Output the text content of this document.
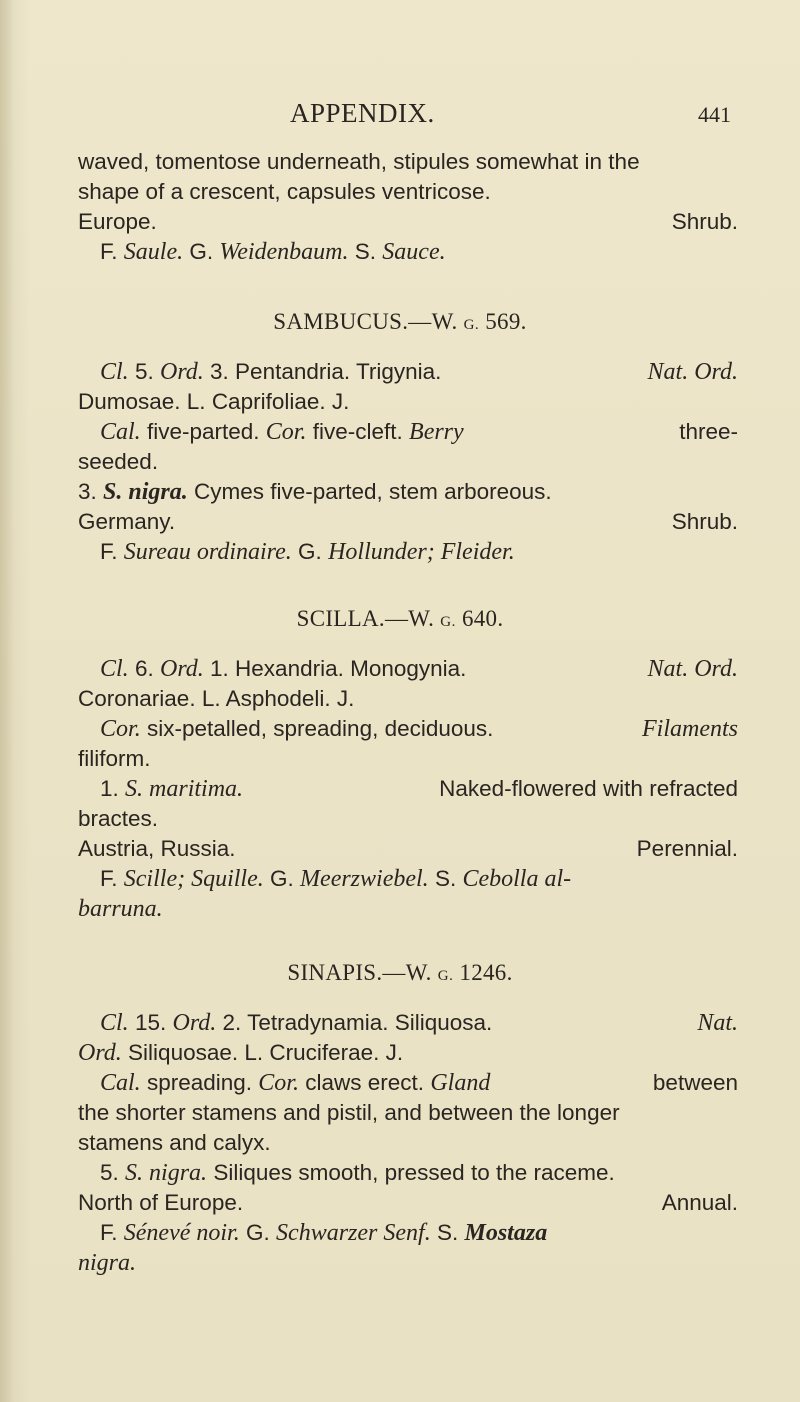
APPENDIX.	441
waved, tomentose underneath, stipules somewhat in the
shape of a crescent, capsules ventricose.
Europe.	Shrub.
F. Saule. G. Weidenbaum. S. Sauce.
SAMBUCUS.—W. G. 569.
Cl. 5. Ord. 3. Pentandria. Trigynia.	Nat. Ord.
Dumosae. L. Caprifoliae. J.
Cal. five-parted. Cor. five-cleft. Berry	three-
seeded.
3. S. nigra. Cymes five-parted, stem arboreous.
Germany.	Shrub.
F. Sureau ordinaire. G. Hollunder; Fleider.
SCILLA.—W. G. 640.
Cl. 6. Ord. 1. Hexandria. Monogynia.	Nat. Ord.
Coronariae. L. Asphodeli. J.
Cor. six-petalled, spreading, deciduous.	Filaments
filiform.
1. S. maritima.	Naked-flowered with refracted
bractes.
Austria, Russia.	Perennial.
F. Scille; Squille. G. Meerzwiebel. S. Cebolla al-
barruna.
SINAPIS.—W. G. 1246.
Cl. 15. Ord. 2. Tetradynamia. Siliquosa.	Nat.
Ord. Siliquosae. L. Cruciferae. J.
Cal. spreading. Cor. claws erect. Gland	between
the shorter stamens and pistil, and between the longer
stamens and calyx.
5. S. nigra. Siliques smooth, pressed to the raceme.
North of Europe.	Annual.
F. Sénevé noir. G. Schwarzer Senf. S. Mostaza
nigra.
